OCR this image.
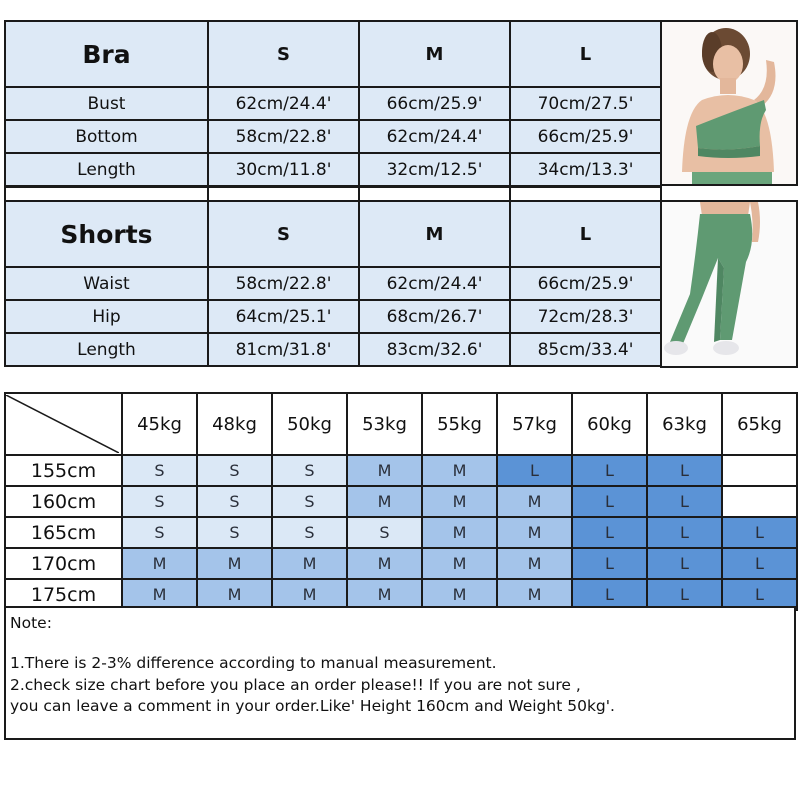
Bra	S	M	L
Bust	62cm/24.4'	66cm/25.9'	70cm/27.5'
Bottom	58cm/22.8'	62cm/24.4'	66cm/25.9'
Length	30cm/11.8'	32cm/12.5'	34cm/13.3'

Shorts	S	M	L
Waist	58cm/22.8'	62cm/24.4'	66cm/25.9'
Hip	64cm/25.1'	68cm/26.7'	72cm/28.3'
Length	81cm/31.8'	83cm/32.6'	85cm/33.4'
	45kg	48kg	50kg	53kg	55kg	57kg	60kg	63kg	65kg
155cm	S	S	S	M	M	L	L	L	
160cm	S	S	S	M	M	M	L	L	
165cm	S	S	S	S	M	M	L	L	L
170cm	M	M	M	M	M	M	L	L	L
175cm	M	M	M	M	M	M	L	L	L
Note:
1.There is 2-3% difference according to manual measurement.
2.check size chart before you place an order please!! If you are not sure ,
you can leave a comment in your order.Like' Height 160cm and Weight 50kg'.
